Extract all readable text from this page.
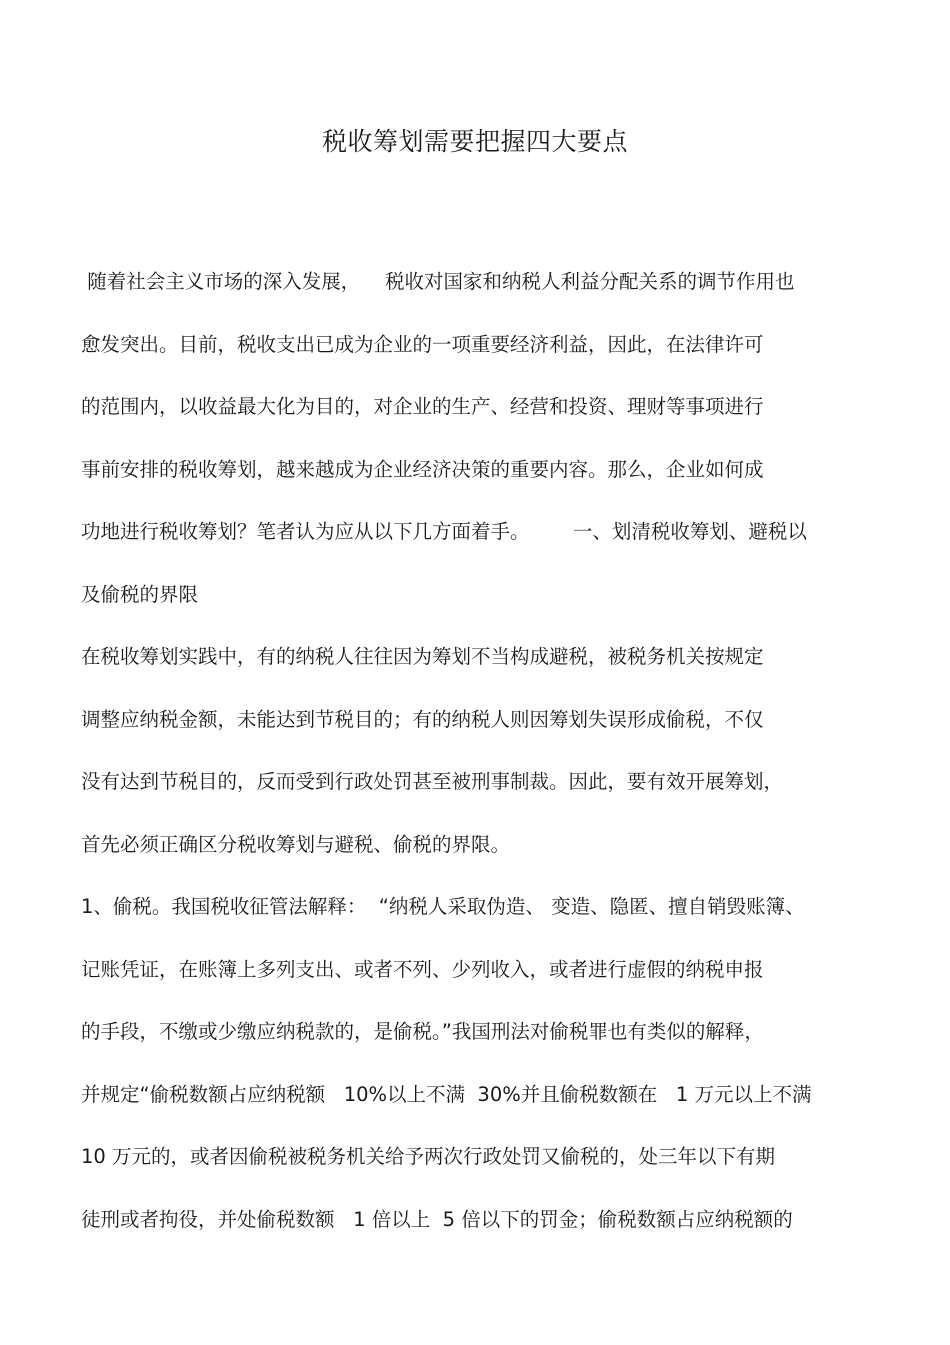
税收筹划需要把握四大要点

随着社会主义市场的深入发展，    税收对国家和纳税人利益分配关系的调节作用也

愈发突出。目前，税收支出已成为企业的一项重要经济利益，因此，在法律许可

的范围内，以收益最大化为目的，对企业的生产、经营和投资、理财等事项进行

事前安排的税收筹划，越来越成为企业经济决策的重要内容。那么，企业如何成

功地进行税收筹划？笔者认为应从以下几方面着手。       一、划清税收筹划、避税以

及偷税的界限

在税收筹划实践中，有的纳税人往往因为筹划不当构成避税，被税务机关按规定

调整应纳税金额，未能达到节税目的；有的纳税人则因筹划失误形成偷税，不仅

没有达到节税目的，反而受到行政处罚甚至被刑事制裁。因此，要有效开展筹划，

首先必须正确区分税收筹划与避税、偷税的界限。

1、偷税。我国税收征管法解释：  “纳税人采取伪造、 变造、隐匿、擅自销毁账簿、

记账凭证，在账簿上多列支出、或者不列、少列收入，或者进行虚假的纳税申报

的手段，不缴或少缴应纳税款的，是偷税。”我国刑法对偷税罪也有类似的解释，

并规定“偷税数额占应纳税额   10%以上不满  30%并且偷税数额在   1 万元以上不满

10 万元的，或者因偷税被税务机关给予两次行政处罚又偷税的，处三年以下有期

徒刑或者拘役，并处偷税数额   1 倍以上  5 倍以下的罚金；偷税数额占应纳税额的
